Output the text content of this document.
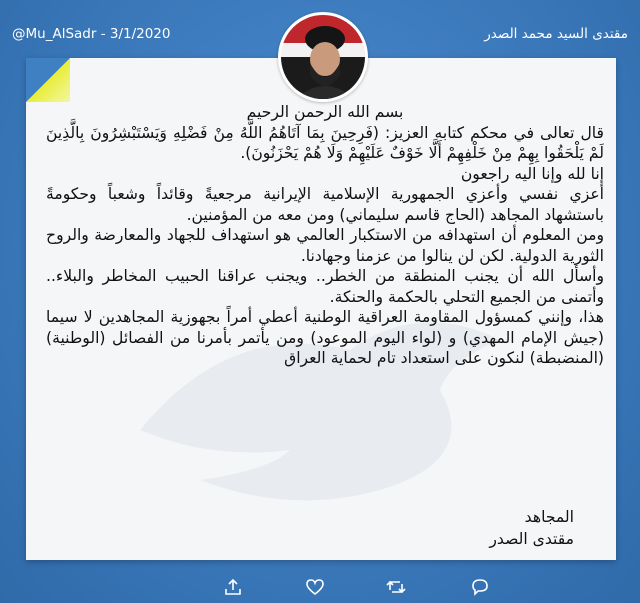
@Mu_AlSadr - 3/1/2020	مقتدى السيد محمد الصدر

بسم الله الرحمن الرحيم

قال تعالى في محكم كتابه العزيز: (فَرِحِينَ بِمَا آتَاهُمُ اللَّهُ مِنْ فَضْلِهِ وَيَسْتَبْشِرُونَ بِالَّذِينَ لَمْ يَلْحَقُوا بِهِمْ مِنْ خَلْفِهِمْ أَلَّا خَوْفٌ عَلَيْهِمْ وَلَا هُمْ يَحْزَنُونَ).

إنا لله وإنا اليه راجعون

أعزي نفسي وأعزي الجمهورية الإسلامية الإيرانية مرجعيةً وقائداً وشعباً وحكومةً باستشهاد المجاهد (الحاج قاسم سليماني) ومن معه من المؤمنين.

ومن المعلوم أن استهدافه من الاستكبار العالمي هو استهداف للجهاد والمعارضة والروح الثورية الدولية. لكن لن ينالوا من عزمنا وجهادنا.

وأسأل الله أن يجنب المنطقة من الخطر.. ويجنب عراقنا الحبيب المخاطر والبلاء.. وأتمنى من الجميع التحلي بالحكمة والحنكة.

هذا، وإنني كمسؤول المقاومة العراقية الوطنية أعطي أمراً بجهوزية المجاهدين لا سيما (جيش الإمام المهدي) و (لواء اليوم الموعود) ومن يأتمر بأمرنا من الفصائل (الوطنية) (المنضبطة) لنكون على استعداد تام لحماية العراق

المجاهد
مقتدى الصدر
